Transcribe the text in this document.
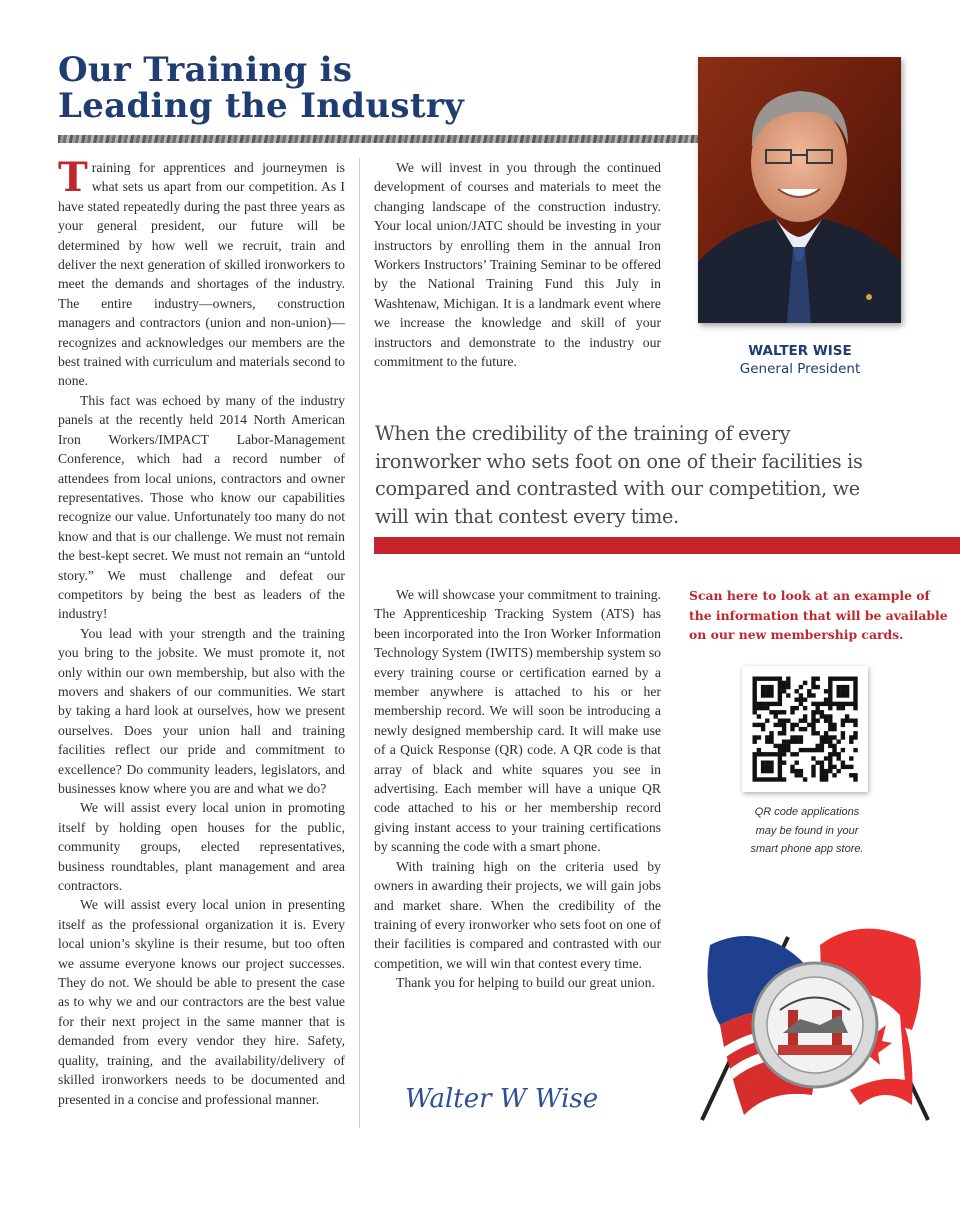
Our Training is
Leading the Industry

Training for apprentices and journeymen is what sets us apart from our competition. As I have stated repeatedly during the past three years as your general president, our future will be determined by how well we recruit, train and deliver the next generation of skilled ironworkers to meet the demands and shortages of the industry. The entire industry—owners, construction managers and contractors (union and non-union)—recognizes and acknowledges our members are the best trained with curriculum and materials second to none.

This fact was echoed by many of the industry panels at the recently held 2014 North American Iron Workers/IMPACT Labor-Management Conference, which had a record number of attendees from local unions, contractors and owner representatives. Those who know our capabilities recognize our value. Unfortunately too many do not know and that is our challenge. We must not remain the best-kept secret. We must not remain an “untold story.” We must challenge and defeat our competitors by being the best as leaders of the industry!

You lead with your strength and the training you bring to the jobsite. We must promote it, not only within our own membership, but also with the movers and shakers of our communities. We start by taking a hard look at ourselves, how we present ourselves. Does your union hall and training facilities reflect our pride and commitment to excellence? Do community leaders, legislators, and businesses know where you are and what we do?

We will assist every local union in promoting itself by holding open houses for the public, community groups, elected representatives, business roundtables, plant management and area contractors.

We will assist every local union in presenting itself as the professional organization it is. Every local union’s skyline is their resume, but too often we assume everyone knows our project successes. They do not. We should be able to present the case as to why we and our contractors are the best value for their next project in the same manner that is demanded from every vendor they hire. Safety, quality, training, and the availability/delivery of skilled ironworkers needs to be documented and presented in a concise and professional manner.

We will invest in you through the continued development of courses and materials to meet the changing landscape of the construction industry. Your local union/JATC should be investing in your instructors by enrolling them in the annual Iron Workers Instructors’ Training Seminar to be offered by the National Training Fund this July in Washtenaw, Michigan. It is a landmark event where we increase the knowledge and skill of your instructors and demonstrate to the industry our commitment to the future.

WALTER WISE
General President

When the credibility of the training of every ironworker who sets foot on one of their facilities is compared and contrasted with our competition, we will win that contest every time.

We will showcase your commitment to training. The Apprenticeship Tracking System (ATS) has been incorporated into the Iron Worker Information Technology System (IWITS) membership system so every training course or certification earned by a member anywhere is attached to his or her membership record. We will soon be introducing a newly designed membership card. It will make use of a Quick Response (QR) code. A QR code is that array of black and white squares you see in advertising. Each member will have a unique QR code attached to his or her membership record giving instant access to your training certifications by scanning the code with a smart phone.

With training high on the criteria used by owners in awarding their projects, we will gain jobs and market share. When the credibility of the training of every ironworker who sets foot on one of their facilities is compared and contrasted with our competition, we will win that contest every time.

Thank you for helping to build our great union.

Walter W Wise

Scan here to look at an example of the information that will be available on our new membership cards.

QR code applications
may be found in your
smart phone app store.
